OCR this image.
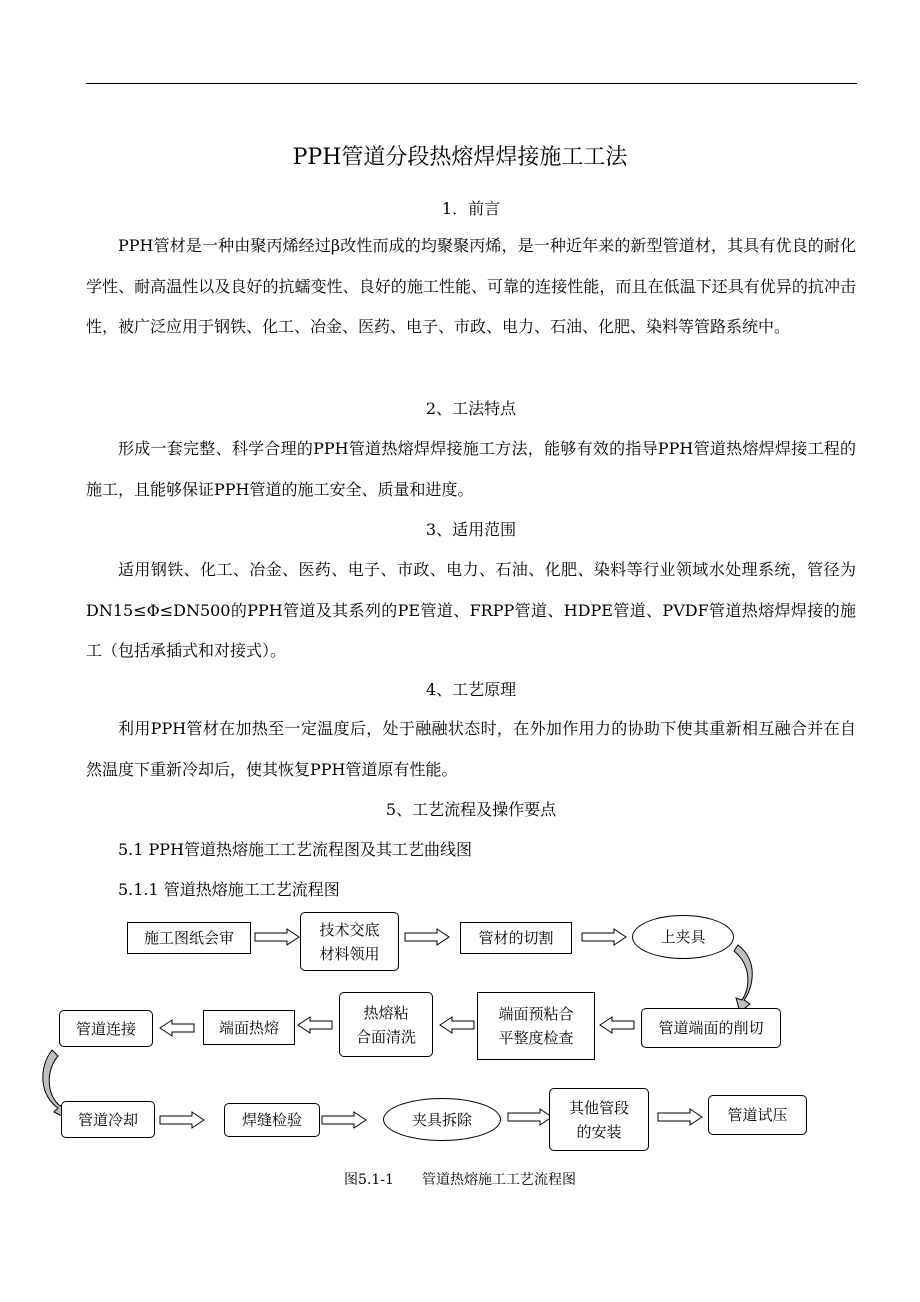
PPH管道分段热熔焊焊接施工工法
1．前言

PPH管材是一种由聚丙烯经过β改性而成的均聚聚丙烯，是一种近年来的新型管道材，其具有优良的耐化学性、耐高温性以及良好的抗蠕变性、良好的施工性能、可靠的连接性能，而且在低温下还具有优异的抗冲击性，被广泛应用于钢铁、化工、冶金、医药、电子、市政、电力、石油、化肥、染料等管路系统中。

2、工法特点

形成一套完整、科学合理的PPH管道热熔焊焊接施工方法，能够有效的指导PPH管道热熔焊焊接工程的施工，且能够保证PPH管道的施工安全、质量和进度。

3、适用范围

适用钢铁、化工、冶金、医药、电子、市政、电力、石油、化肥、染料等行业领域水处理系统，管径为DN15≤Φ≤DN500的PPH管道及其系列的PE管道、FRPP管道、HDPE管道、PVDF管道热熔焊焊接的施工（包括承插式和对接式）。

4、工艺原理

利用PPH管材在加热至一定温度后，处于融融状态时，在外加作用力的协助下使其重新相互融合并在自然温度下重新冷却后，使其恢复PPH管道原有性能。

5、工艺流程及操作要点
5.1 PPH管道热熔施工工艺流程图及其工艺曲线图
5.1.1 管道热熔施工工艺流程图
施工图纸会审	技术交底
材料领用
管材的切割	上夹具
管道端面的削切
端面预粘合
平整度检查
热熔粘
合面清洗
端面热熔
管道连接
管道冷却	焊缝检验	夹具拆除
其他管段
的安装
管道试压
图5.1-1 管道热熔施工工艺流程图
